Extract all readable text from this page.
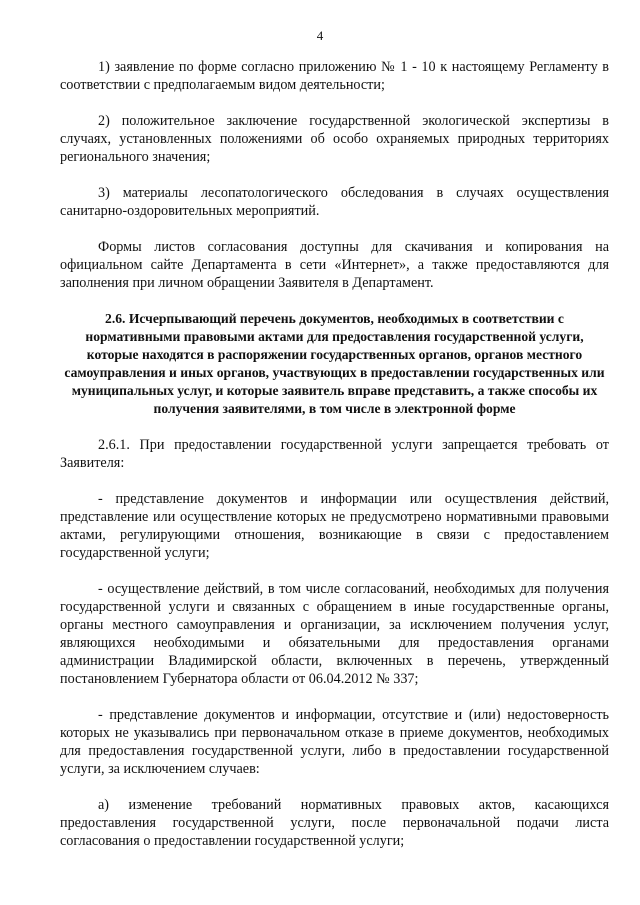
4

1) заявление по форме согласно приложению № 1 - 10 к настоящему Регламенту в соответствии с предполагаемым видом деятельности;

2) положительное заключение государственной экологической экспертизы в случаях, установленных положениями об особо охраняемых природных территориях регионального значения;

3) материалы лесопатологического обследования в случаях осуществления санитарно-оздоровительных мероприятий.

Формы листов согласования доступны для скачивания и копирования на официальном сайте Департамента в сети «Интернет», а также предоставляются для заполнения при личном обращении Заявителя в Департамент.

2.6. Исчерпывающий перечень документов, необходимых в соответствии с нормативными правовыми актами для предоставления государственной услуги, которые находятся в распоряжении государственных органов, органов местного самоуправления и иных органов, участвующих в предоставлении государственных или муниципальных услуг, и которые заявитель вправе представить, а также способы их получения заявителями, в том числе в электронной форме

2.6.1. При предоставлении государственной услуги запрещается требовать от Заявителя:

- представление документов и информации или осуществления действий, представление или осуществление которых не предусмотрено нормативными правовыми актами, регулирующими отношения, возникающие в связи с предоставлением государственной услуги;

- осуществление действий, в том числе согласований, необходимых для получения государственной услуги и связанных с обращением в иные государственные органы, органы местного самоуправления и организации, за исключением получения услуг, являющихся необходимыми и обязательными для предоставления органами администрации Владимирской области, включенных в перечень, утвержденный постановлением Губернатора области от 06.04.2012 № 337;

- представление документов и информации, отсутствие и (или) недостоверность которых не указывались при первоначальном отказе в приеме документов, необходимых для предоставления государственной услуги, либо в предоставлении государственной услуги, за исключением случаев:

а) изменение требований нормативных правовых актов, касающихся предоставления государственной услуги, после первоначальной подачи листа согласования о предоставлении государственной услуги;
